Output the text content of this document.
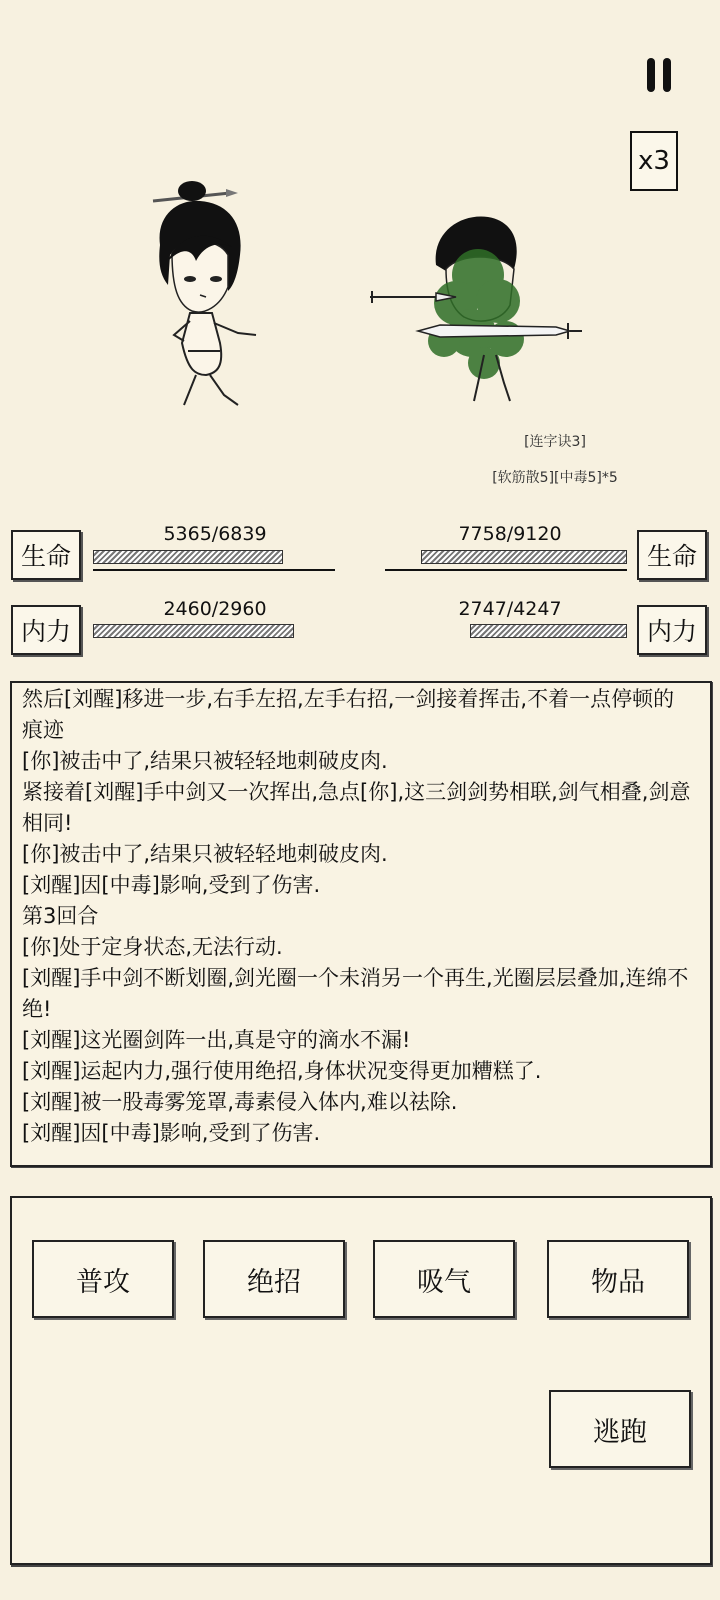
x3
[连字诀3]
[软筋散5][中毒5]*5
生命
5365/6839
内力
2460/2960
生命
7758/9120
内力
2747/4247
然后[刘醒]移进一步,右手左招,左手右招,一剑接着挥击,不着一点停顿的痕迹
[你]被击中了,结果只被轻轻地刺破皮肉.
紧接着[刘醒]手中剑又一次挥出,急点[你],这三剑剑势相联,剑气相叠,剑意相同!
[你]被击中了,结果只被轻轻地刺破皮肉.
[刘醒]因[中毒]影响,受到了伤害.
第3回合
[你]处于定身状态,无法行动.
[刘醒]手中剑不断划圈,剑光圈一个未消另一个再生,光圈层层叠加,连绵不绝!
[刘醒]这光圈剑阵一出,真是守的滴水不漏!
[刘醒]运起内力,强行使用绝招,身体状况变得更加糟糕了.
[刘醒]被一股毒雾笼罩,毒素侵入体内,难以祛除.
[刘醒]因[中毒]影响,受到了伤害.
普攻	绝招	吸气	物品
逃跑
